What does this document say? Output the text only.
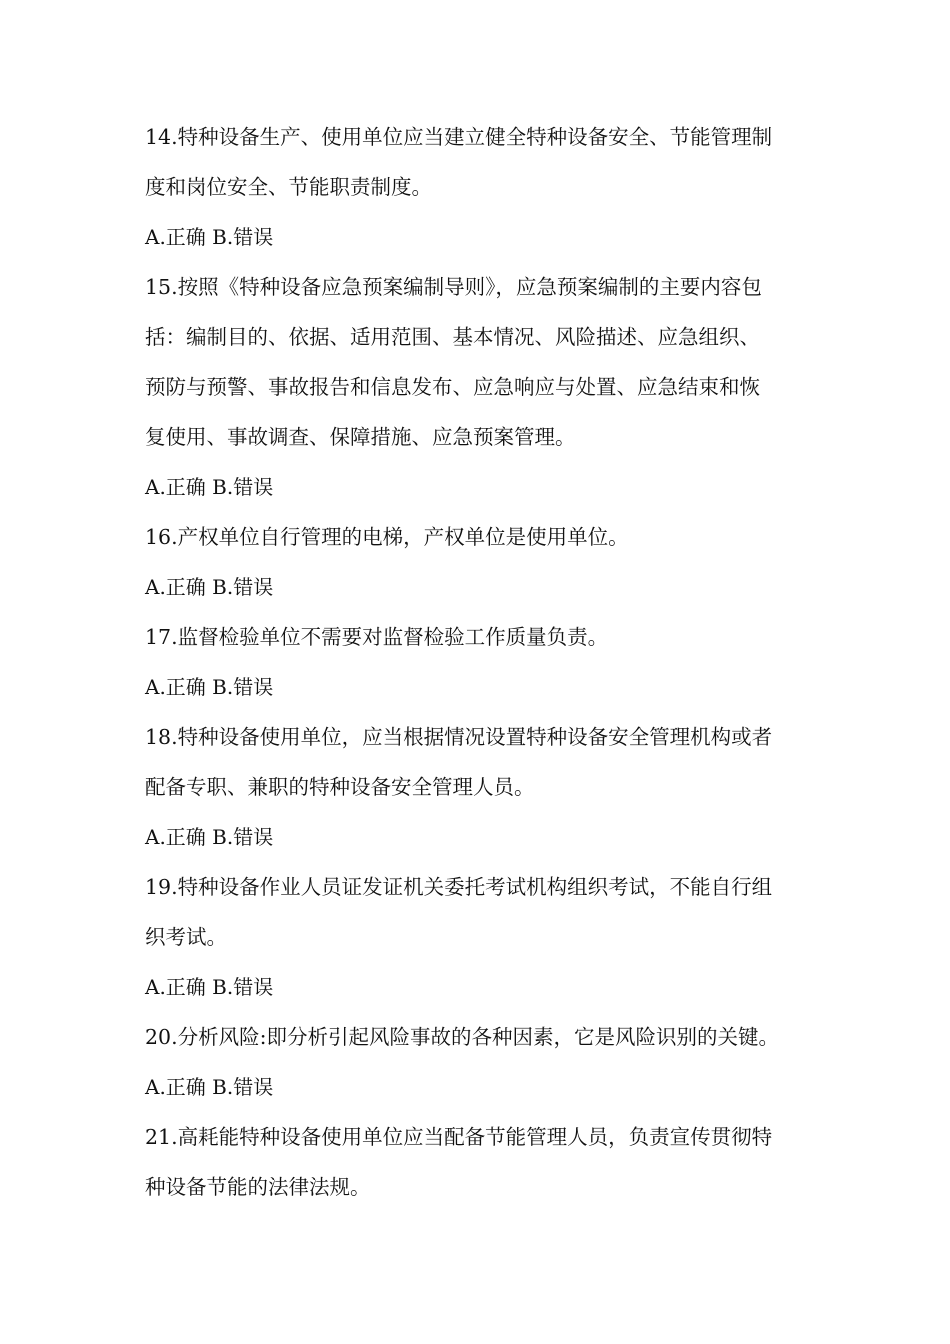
14.特种设备生产、使用单位应当建立健全特种设备安全、节能管理制
度和岗位安全、节能职责制度。
A.正确 B.错误
15.按照《特种设备应急预案编制导则》，应急预案编制的主要内容包
括：编制目的、依据、适用范围、基本情况、风险描述、应急组织、
预防与预警、事故报告和信息发布、应急响应与处置、应急结束和恢
复使用、事故调查、保障措施、应急预案管理。
A.正确 B.错误
16.产权单位自行管理的电梯，产权单位是使用单位。
A.正确 B.错误
17.监督检验单位不需要对监督检验工作质量负责。
A.正确 B.错误
18.特种设备使用单位，应当根据情况设置特种设备安全管理机构或者
配备专职、兼职的特种设备安全管理人员。
A.正确 B.错误
19.特种设备作业人员证发证机关委托考试机构组织考试，不能自行组
织考试。
A.正确 B.错误
20.分析风险:即分析引起风险事故的各种因素，它是风险识别的关键。
A.正确 B.错误
21.高耗能特种设备使用单位应当配备节能管理人员，负责宣传贯彻特
种设备节能的法律法规。
